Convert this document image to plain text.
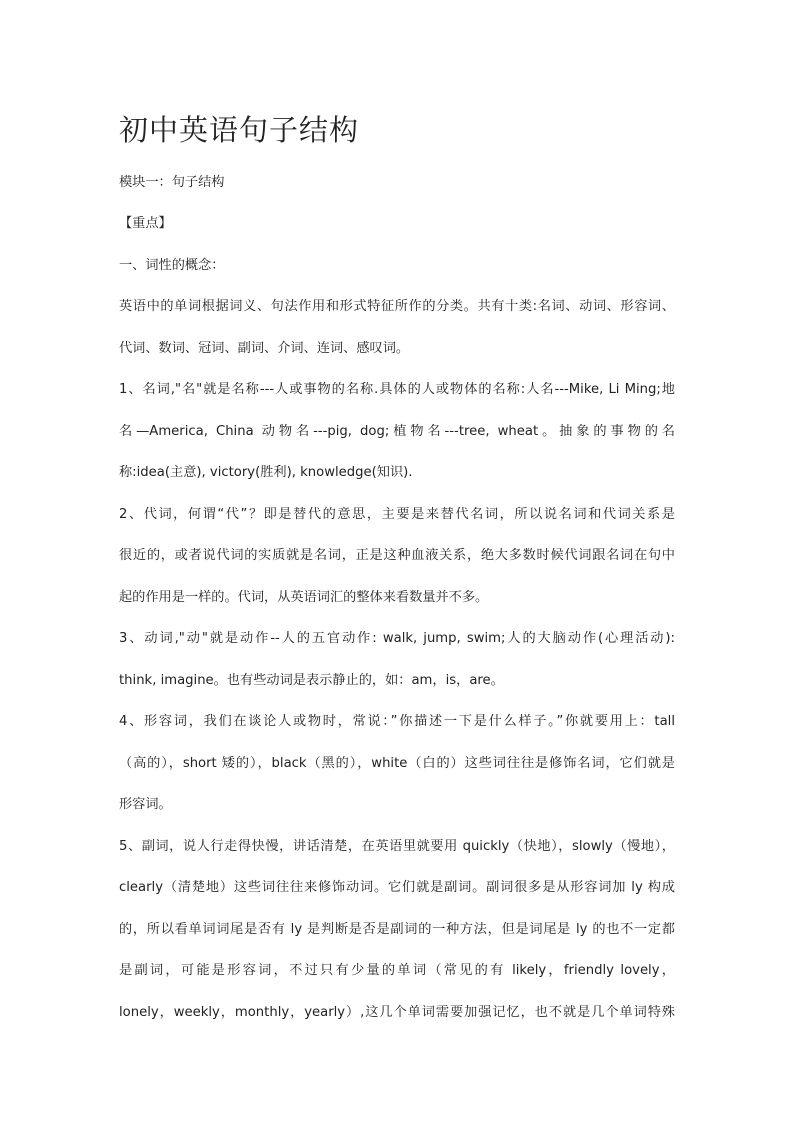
初中英语句子结构

模块一：句子结构

【重点】

一、词性的概念：

英语中的单词根据词义、句法作用和形式特征所作的分类。共有十类:名词、动词、形容词、

代词、数词、冠词、副词、介词、连词、感叹词。

1、名词,"名"就是名称---人或事物的名称.具体的人或物体的名称:人名---Mike, Li Ming;地

名—America, China 动物名---pig, dog;植物名---tree, wheat。抽象的事物的名

称:idea(主意), victory(胜利), knowledge(知识).

2、代词，何谓“代”？即是替代的意思，主要是来替代名词，所以说名词和代词关系是

很近的，或者说代词的实质就是名词，正是这种血液关系，绝大多数时候代词跟名词在句中

起的作用是一样的。代词，从英语词汇的整体来看数量并不多。

3、动词,"动"就是动作--人的五官动作: walk, jump, swim;人的大脑动作(心理活动):

think, imagine。也有些动词是表示静止的，如：am，is，are。

4、形容词，我们在谈论人或物时，常说：”你描述一下是什么样子。”你就要用上：tall

（高的），short 矮的），black（黑的），white（白的）这些词往往是修饰名词，它们就是

形容词。

5、副词，说人行走得快慢，讲话清楚，在英语里就要用 quickly（快地），slowly（慢地），

clearly（清楚地）这些词往往来修饰动词。它们就是副词。副词很多是从形容词加 ly 构成

的，所以看单词词尾是否有 ly 是判断是否是副词的一种方法，但是词尾是 ly 的也不一定都

是副词，可能是形容词，不过只有少量的单词（常见的有 likely，friendly lovely，

lonely，weekly，monthly，yearly）,这几个单词需要加强记忆，也不就是几个单词特殊
